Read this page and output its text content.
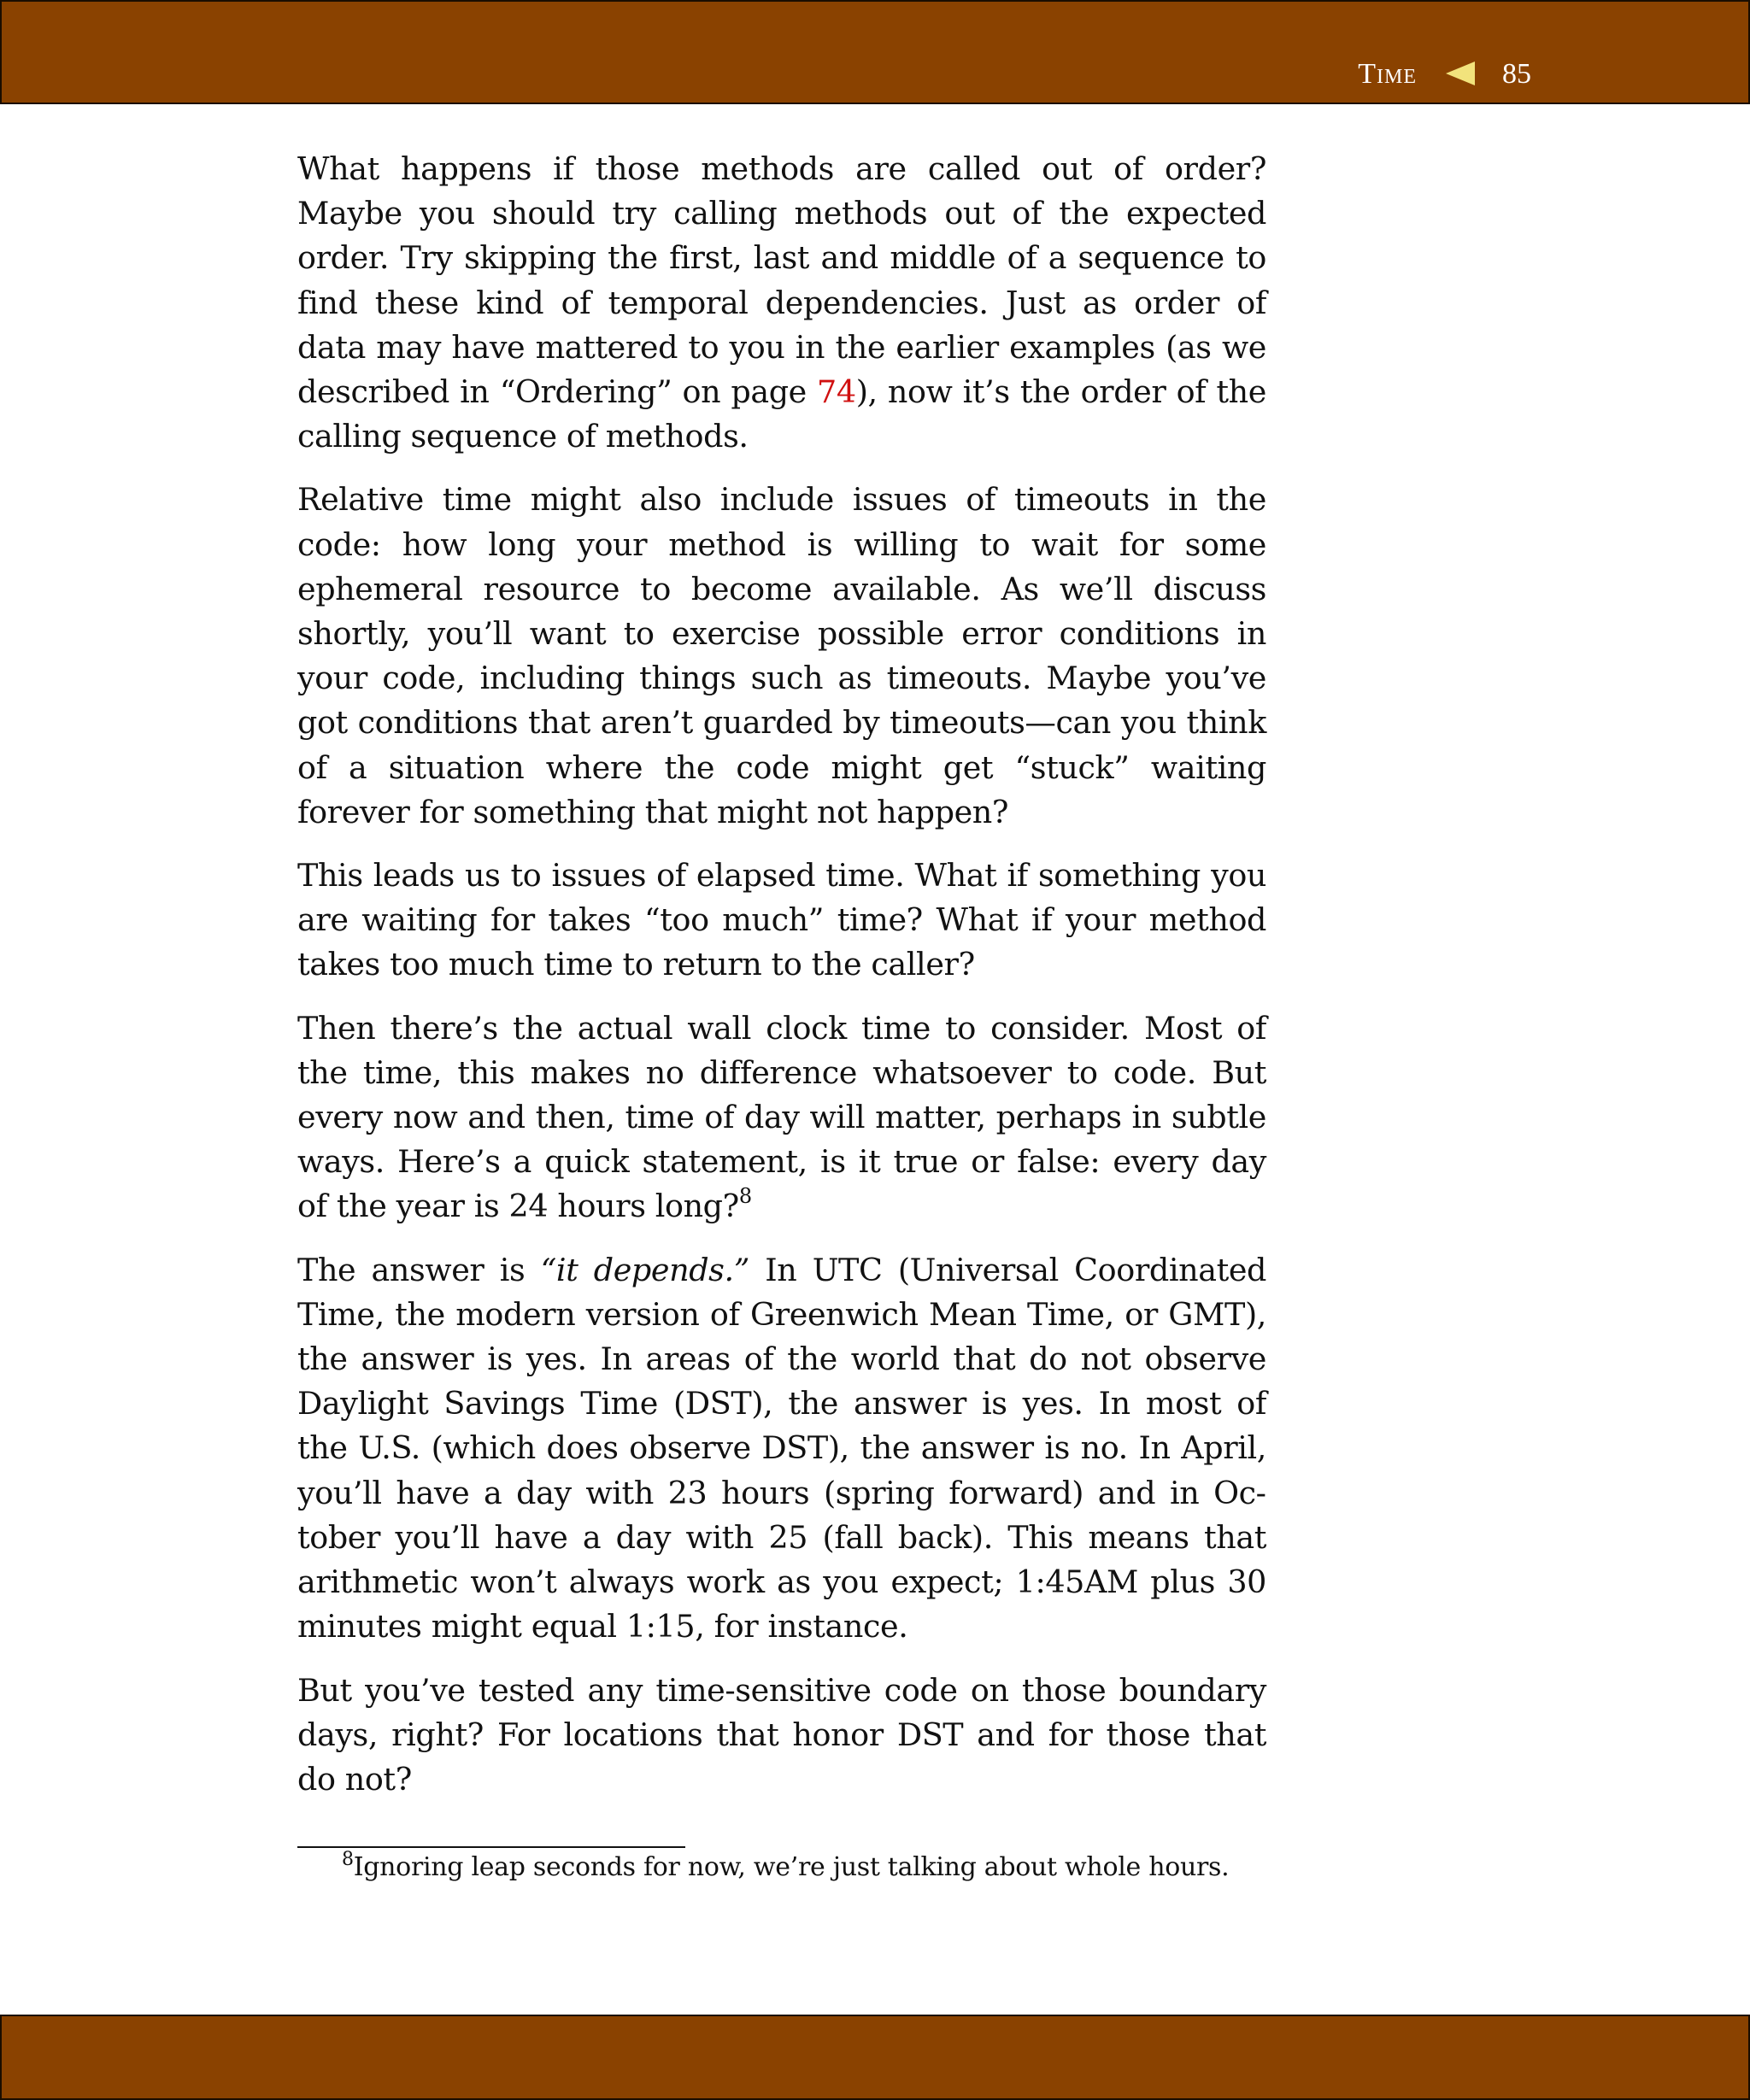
Time	85

What happens if those methods are called out of order? Maybe you should try calling methods out of the expected order. Try skipping the first, last and middle of a sequence to find these kind of temporal dependencies. Just as order of data may have mattered to you in the earlier examples (as we described in “Ordering” on page 74), now it’s the order of the calling sequence of methods.

Relative time might also include issues of timeouts in the code: how long your method is willing to wait for some ephemeral resource to become available. As we’ll discuss shortly, you’ll want to exercise possible error conditions in your code, including things such as timeouts. Maybe you’ve got conditions that aren’t guarded by timeouts—can you think of a situation where the code might get “stuck” waiting forever for something that might not happen?

This leads us to issues of elapsed time. What if something you are waiting for takes “too much” time? What if your method takes too much time to return to the caller?

Then there’s the actual wall clock time to consider. Most of the time, this makes no difference whatsoever to code. But every now and then, time of day will matter, perhaps in subtle ways. Here’s a quick statement, is it true or false: every day of the year is 24 hours long?$^8$

The answer is “it depends.” In UTC (Universal Coordinated Time, the modern version of Greenwich Mean Time, or GMT), the answer is yes. In areas of the world that do not observe Daylight Savings Time (DST), the answer is yes. In most of the U.S. (which does observe DST), the answer is no. In April, you’ll have a day with 23 hours (spring forward) and in October you’ll have a day with 25 (fall back). This means that arithmetic won’t always work as you expect; 1:45AM plus 30 minutes might equal 1:15, for instance.

But you’ve tested any time-sensitive code on those boundary days, right? For locations that honor DST and for those that do not?

$^8$Ignoring leap seconds for now, we’re just talking about whole hours.
